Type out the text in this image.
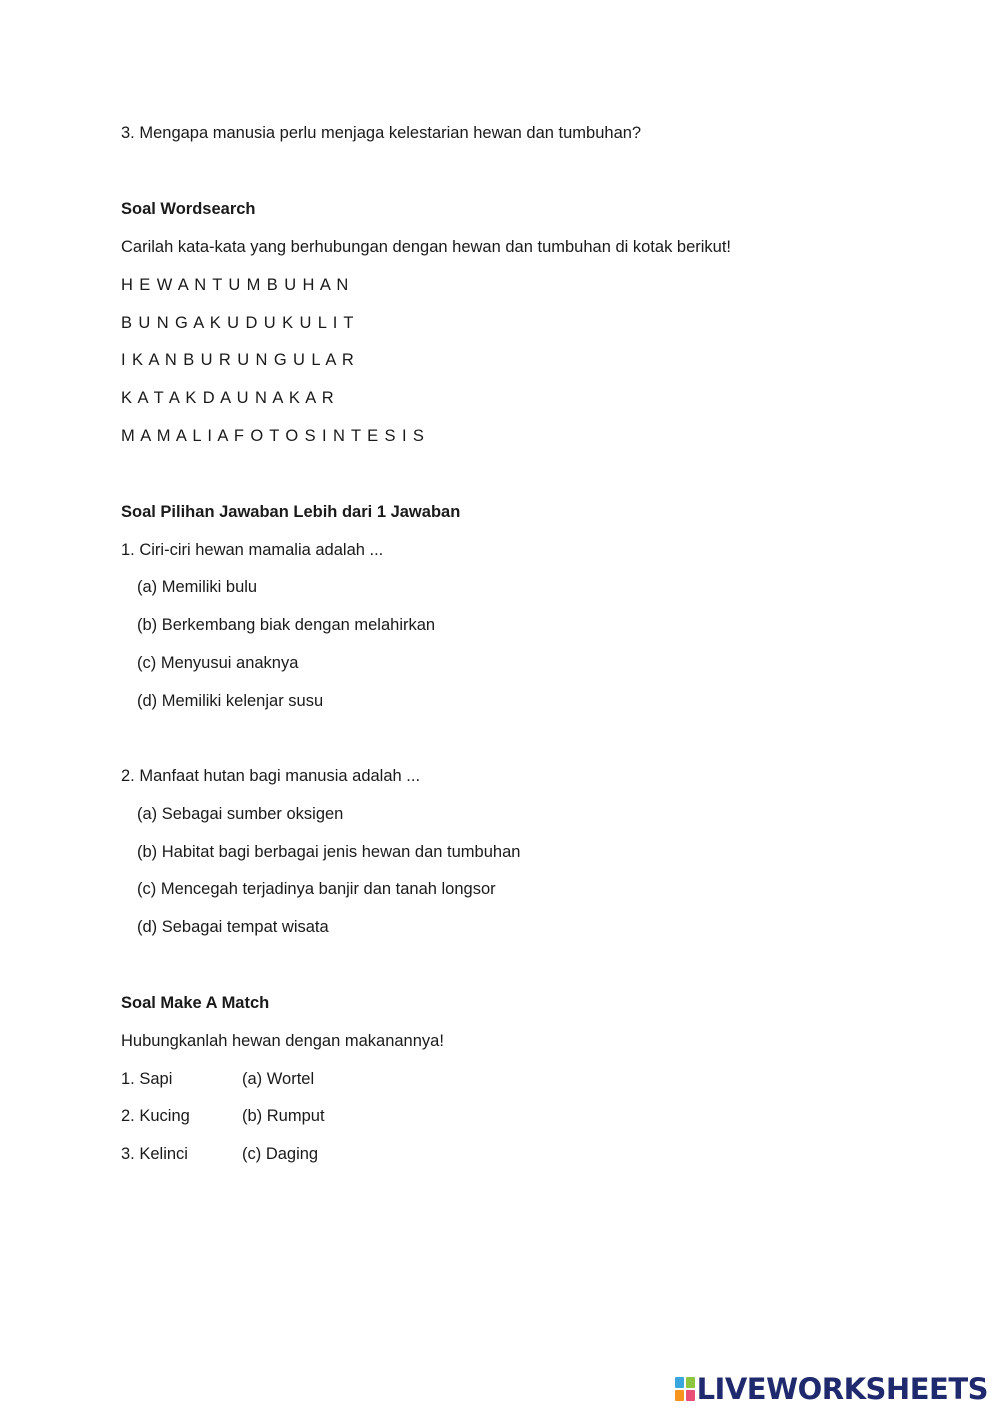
3. Mengapa manusia perlu menjaga kelestarian hewan dan tumbuhan?
Soal Wordsearch
Carilah kata-kata yang berhubungan dengan hewan dan tumbuhan di kotak berikut!
H E W A N T U M B U H A N
B U N G A K U D U K U L I T
I K A N B U R U N G U L A R
K A T A K D A U N A K A R
M A M A L I A F O T O S I N T E S I S
Soal Pilihan Jawaban Lebih dari 1 Jawaban
1. Ciri-ciri hewan mamalia adalah ...
(a) Memiliki bulu
(b) Berkembang biak dengan melahirkan
(c) Menyusui anaknya
(d) Memiliki kelenjar susu
2. Manfaat hutan bagi manusia adalah ...
(a) Sebagai sumber oksigen
(b) Habitat bagi berbagai jenis hewan dan tumbuhan
(c) Mencegah terjadinya banjir dan tanah longsor
(d) Sebagai tempat wisata
Soal Make A Match
Hubungkanlah hewan dengan makanannya!
1. Sapi	(a) Wortel
2. Kucing	(b) Rumput
3. Kelinci	(c) Daging
LIVEWORKSHEETS
